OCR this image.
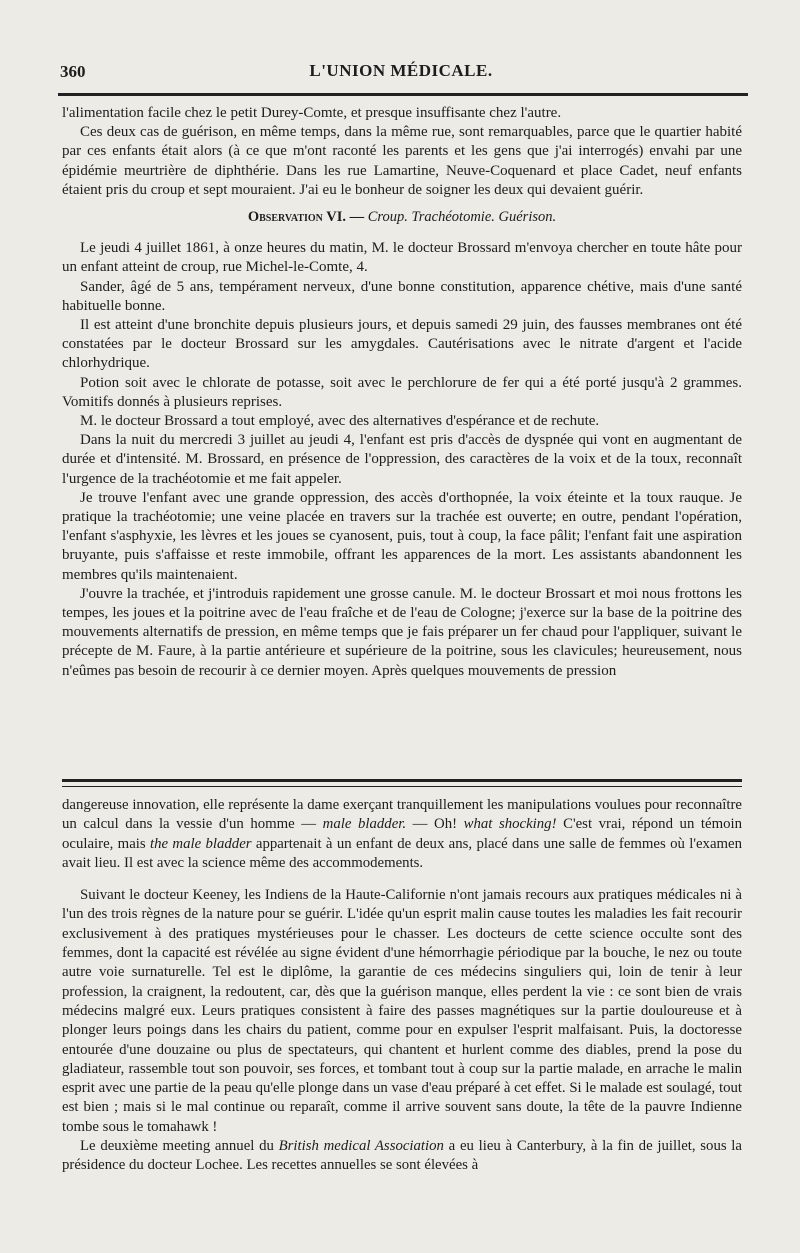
360	L'UNION MÉDICALE.

l'alimentation facile chez le petit Durey-Comte, et presque insuffisante chez l'autre.

Ces deux cas de guérison, en même temps, dans la même rue, sont remarquables, parce que le quartier habité par ces enfants était alors (à ce que m'ont raconté les parents et les gens que j'ai interrogés) envahi par une épidémie meurtrière de diphthérie. Dans les rue Lamartine, Neuve-Coquenard et place Cadet, neuf enfants étaient pris du croup et sept mouraient. J'ai eu le bonheur de soigner les deux qui devaient guérir.

Observation VI. — Croup. Trachéotomie. Guérison.

Le jeudi 4 juillet 1861, à onze heures du matin, M. le docteur Brossard m'envoya chercher en toute hâte pour un enfant atteint de croup, rue Michel-le-Comte, 4.

Sander, âgé de 5 ans, tempérament nerveux, d'une bonne constitution, apparence chétive, mais d'une santé habituelle bonne.

Il est atteint d'une bronchite depuis plusieurs jours, et depuis samedi 29 juin, des fausses membranes ont été constatées par le docteur Brossard sur les amygdales. Cautérisations avec le nitrate d'argent et l'acide chlorhydrique.

Potion soit avec le chlorate de potasse, soit avec le perchlorure de fer qui a été porté jusqu'à 2 grammes. Vomitifs donnés à plusieurs reprises.

M. le docteur Brossard a tout employé, avec des alternatives d'espérance et de rechute.

Dans la nuit du mercredi 3 juillet au jeudi 4, l'enfant est pris d'accès de dyspnée qui vont en augmentant de durée et d'intensité. M. Brossard, en présence de l'oppression, des caractères de la voix et de la toux, reconnaît l'urgence de la trachéotomie et me fait appeler.

Je trouve l'enfant avec une grande oppression, des accès d'orthopnée, la voix éteinte et la toux rauque. Je pratique la trachéotomie; une veine placée en travers sur la trachée est ouverte; en outre, pendant l'opération, l'enfant s'asphyxie, les lèvres et les joues se cyanosent, puis, tout à coup, la face pâlit; l'enfant fait une aspiration bruyante, puis s'affaisse et reste immobile, offrant les apparences de la mort. Les assistants abandonnent les membres qu'ils maintenaient.

J'ouvre la trachée, et j'introduis rapidement une grosse canule. M. le docteur Brossart et moi nous frottons les tempes, les joues et la poitrine avec de l'eau fraîche et de l'eau de Cologne; j'exerce sur la base de la poitrine des mouvements alternatifs de pression, en même temps que je fais préparer un fer chaud pour l'appliquer, suivant le précepte de M. Faure, à la partie antérieure et supérieure de la poitrine, sous les clavicules; heureusement, nous n'eûmes pas besoin de recourir à ce dernier moyen. Après quelques mouvements de pression

dangereuse innovation, elle représente la dame exerçant tranquillement les manipulations voulues pour reconnaître un calcul dans la vessie d'un homme — male bladder. — Oh! what shocking! C'est vrai, répond un témoin oculaire, mais the male bladder appartenait à un enfant de deux ans, placé dans une salle de femmes où l'examen avait lieu. Il est avec la science même des accommodements.

Suivant le docteur Keeney, les Indiens de la Haute-Californie n'ont jamais recours aux pratiques médicales ni à l'un des trois règnes de la nature pour se guérir. L'idée qu'un esprit malin cause toutes les maladies les fait recourir exclusivement à des pratiques mystérieuses pour le chasser. Les docteurs de cette science occulte sont des femmes, dont la capacité est révélée au signe évident d'une hémorrhagie périodique par la bouche, le nez ou toute autre voie surnaturelle. Tel est le diplôme, la garantie de ces médecins singuliers qui, loin de tenir à leur profession, la craignent, la redoutent, car, dès que la guérison manque, elles perdent la vie : ce sont bien de vrais médecins malgré eux. Leurs pratiques consistent à faire des passes magnétiques sur la partie douloureuse et à plonger leurs poings dans les chairs du patient, comme pour en expulser l'esprit malfaisant. Puis, la doctoresse entourée d'une douzaine ou plus de spectateurs, qui chantent et hurlent comme des diables, prend la pose du gladiateur, rassemble tout son pouvoir, ses forces, et tombant tout à coup sur la partie malade, en arrache le malin esprit avec une partie de la peau qu'elle plonge dans un vase d'eau préparé à cet effet. Si le malade est soulagé, tout est bien ; mais si le mal continue ou reparaît, comme il arrive souvent sans doute, la tête de la pauvre Indienne tombe sous le tomahawk !

Le deuxième meeting annuel du British medical Association a eu lieu à Canterbury, à la fin de juillet, sous la présidence du docteur Lochee. Les recettes annuelles se sont élevées à
